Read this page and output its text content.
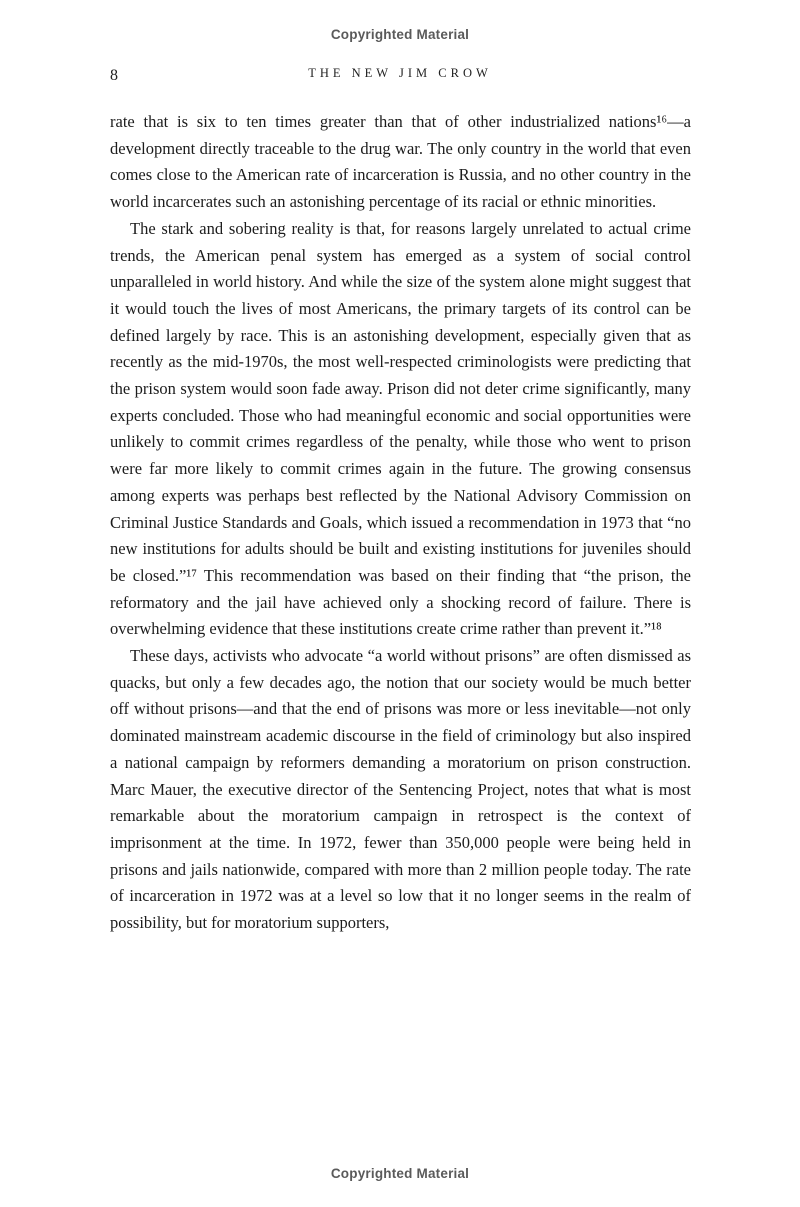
Copyrighted Material
8	THE NEW JIM CROW

rate that is six to ten times greater than that of other industrialized nations¹⁶—a development directly traceable to the drug war. The only country in the world that even comes close to the American rate of incarceration is Russia, and no other country in the world incarcerates such an astonishing percentage of its racial or ethnic minorities.

The stark and sobering reality is that, for reasons largely unrelated to actual crime trends, the American penal system has emerged as a system of social control unparalleled in world history. And while the size of the system alone might suggest that it would touch the lives of most Americans, the primary targets of its control can be defined largely by race. This is an astonishing development, especially given that as recently as the mid-1970s, the most well-respected criminologists were predicting that the prison system would soon fade away. Prison did not deter crime significantly, many experts concluded. Those who had meaningful economic and social opportunities were unlikely to commit crimes regardless of the penalty, while those who went to prison were far more likely to commit crimes again in the future. The growing consensus among experts was perhaps best reflected by the National Advisory Commission on Criminal Justice Standards and Goals, which issued a recommendation in 1973 that “no new institutions for adults should be built and existing institutions for juveniles should be closed.”¹⁷ This recommendation was based on their finding that “the prison, the reformatory and the jail have achieved only a shocking record of failure. There is overwhelming evidence that these institutions create crime rather than prevent it.”¹⁸

These days, activists who advocate “a world without prisons” are often dismissed as quacks, but only a few decades ago, the notion that our society would be much better off without prisons—and that the end of prisons was more or less inevitable—not only dominated mainstream academic discourse in the field of criminology but also inspired a national campaign by reformers demanding a moratorium on prison construction. Marc Mauer, the executive director of the Sentencing Project, notes that what is most remarkable about the moratorium campaign in retrospect is the context of imprisonment at the time. In 1972, fewer than 350,000 people were being held in prisons and jails nationwide, compared with more than 2 million people today. The rate of incarceration in 1972 was at a level so low that it no longer seems in the realm of possibility, but for moratorium supporters,

Copyrighted Material
